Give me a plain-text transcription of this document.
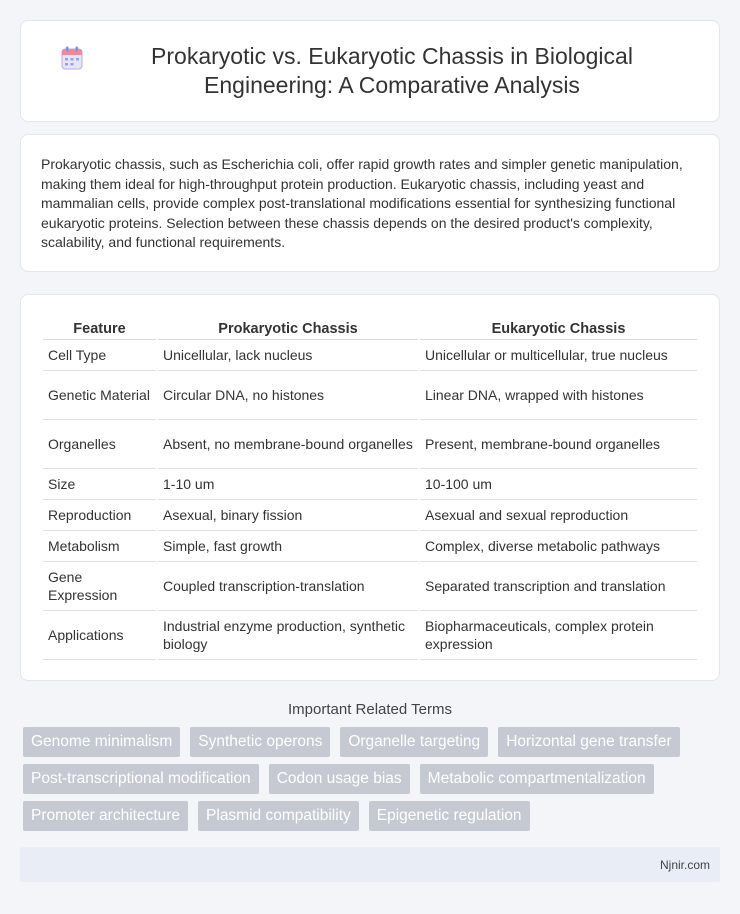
Prokaryotic vs. Eukaryotic Chassis in Biological Engineering: A Comparative Analysis

Prokaryotic chassis, such as Escherichia coli, offer rapid growth rates and simpler genetic manipulation, making them ideal for high-throughput protein production. Eukaryotic chassis, including yeast and mammalian cells, provide complex post-translational modifications essential for synthesizing functional eukaryotic proteins. Selection between these chassis depends on the desired product's complexity, scalability, and functional requirements.

Feature	Prokaryotic Chassis	Eukaryotic Chassis
Cell Type	Unicellular, lack nucleus	Unicellular or multicellular, true nucleus
Genetic Material	Circular DNA, no histones	Linear DNA, wrapped with histones
Organelles	Absent, no membrane-bound organelles	Present, membrane-bound organelles
Size	1-10 um	10-100 um
Reproduction	Asexual, binary fission	Asexual and sexual reproduction
Metabolism	Simple, fast growth	Complex, diverse metabolic pathways
Gene Expression	Coupled transcription-translation	Separated transcription and translation
Applications	Industrial enzyme production, synthetic biology	Biopharmaceuticals, complex protein expression
Important Related Terms
Genome minimalism	Synthetic operons	Organelle targeting	Horizontal gene transfer
Post-transcriptional modification	Codon usage bias	Metabolic compartmentalization
Promoter architecture	Plasmid compatibility	Epigenetic regulation
Njnir.com
